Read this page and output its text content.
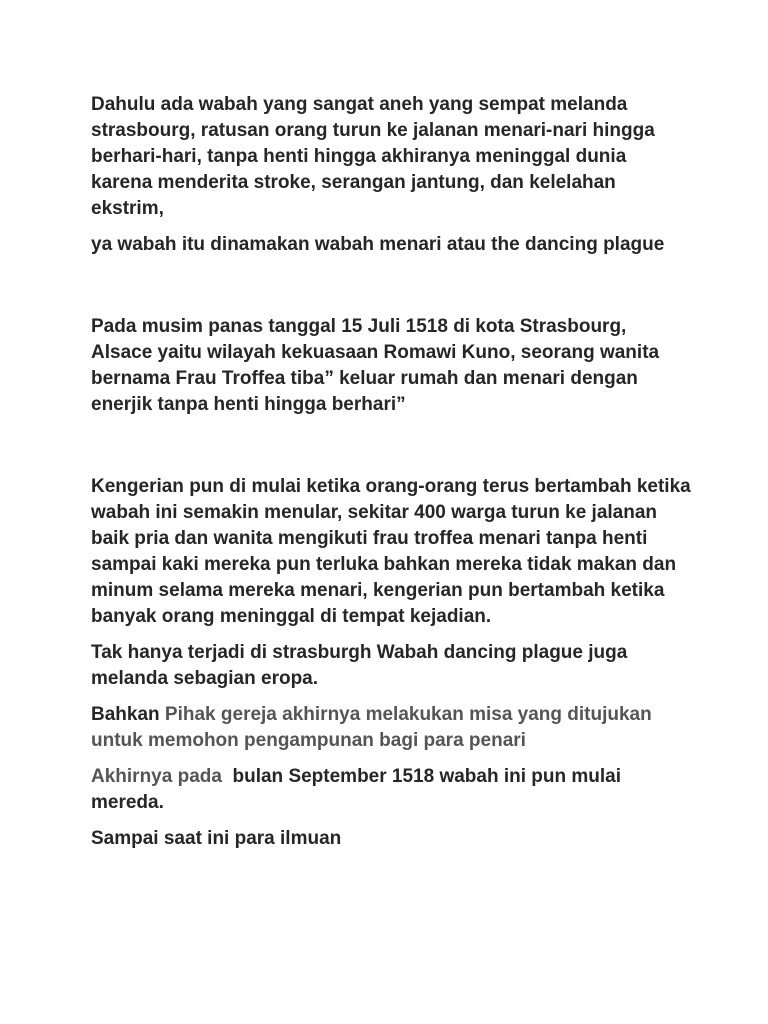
Dahulu ada wabah yang sangat aneh yang sempat melanda strasbourg, ratusan orang turun ke jalanan menari-nari hingga berhari-hari, tanpa henti hingga akhiranya meninggal dunia karena menderita stroke, serangan jantung, dan kelelahan ekstrim,

ya wabah itu dinamakan wabah menari atau the dancing plague

Pada musim panas tanggal 15 Juli 1518 di kota Strasbourg, Alsace yaitu wilayah kekuasaan Romawi Kuno, seorang wanita bernama Frau Troffea tiba” keluar rumah dan menari dengan enerjik tanpa henti hingga berhari”

Kengerian pun di mulai ketika orang-orang terus bertambah ketika wabah ini semakin menular, sekitar 400 warga turun ke jalanan baik pria dan wanita mengikuti frau troffea menari tanpa henti sampai kaki mereka pun terluka bahkan mereka tidak makan dan minum selama mereka menari, kengerian pun bertambah ketika banyak orang meninggal di tempat kejadian.

Tak hanya terjadi di strasburgh Wabah dancing plague juga melanda sebagian eropa.

Bahkan Pihak gereja akhirnya melakukan misa yang ditujukan untuk memohon pengampunan bagi para penari

Akhirnya pada  bulan September 1518 wabah ini pun mulai mereda.

Sampai saat ini para ilmuan
